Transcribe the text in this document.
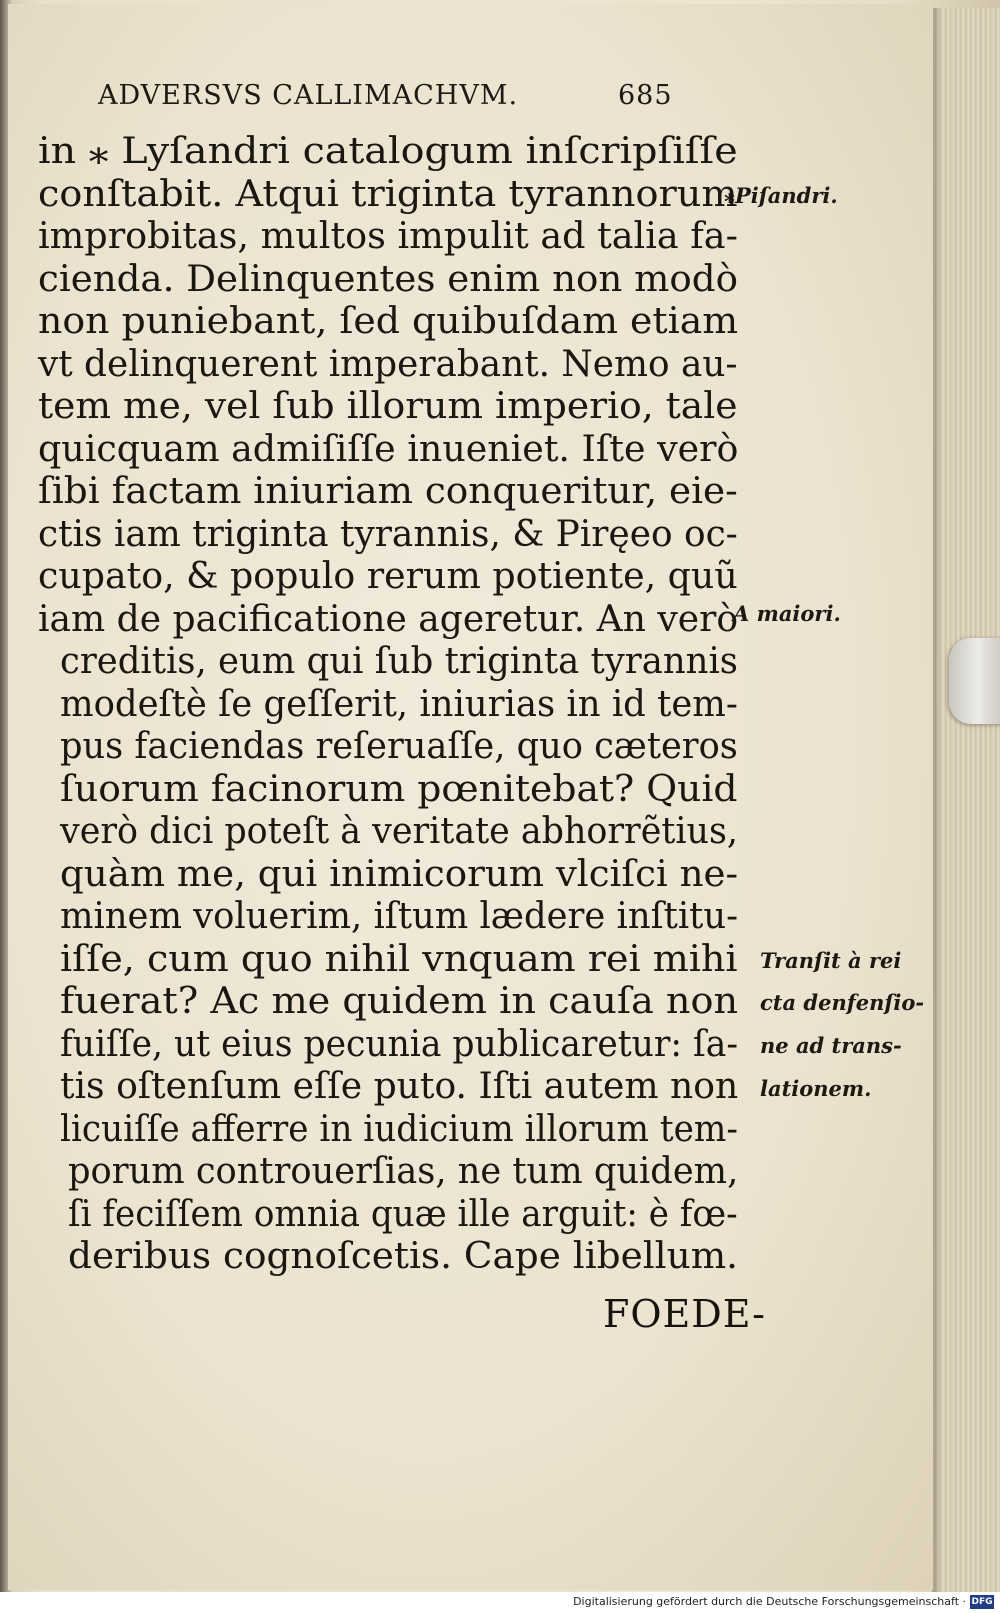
ADVERSVS CALLIMACHVM.	685
in ⁎ Lyſandri catalogum inſcripſiſſe
conſtabit. Atqui triginta tyrannorum
improbitas, multos impulit ad talia fa-
cienda. Delinquentes enim non modò
non puniebant, ſed quibuſdam etiam
vt delinquerent imperabant. Nemo au-
tem me, vel ſub illorum imperio, tale
quicquam admiſiſſe inueniet. Iſte verò
ſibi factam iniuriam conqueritur, eie-
ctis iam triginta tyrannis, & Piręeo oc-
cupato, & populo rerum potiente, quũ
iam de pacificatione ageretur. An verò
creditis, eum qui ſub triginta tyrannis
modeſtè ſe geſſerit, iniurias in id tem-
pus faciendas reſeruaſſe, quo cæteros
ſuorum facinorum pœnitebat? Quid
verò dici poteſt à veritate abhorrẽtius,
quàm me, qui inimicorum vlciſci ne-
minem voluerim, iſtum lædere inſtitu-
iſſe, cum quo nihil vnquam rei mihi
fuerat? Ac me quidem in cauſa non
fuiſſe, ut eius pecunia publicaretur: ſa-
tis oſtenſum eſſe puto. Iſti autem non
licuiſſe afferre in iudicium illorum tem-
porum controuerſias, ne tum quidem,
ſi feciſſem omnia quæ ille arguit: è fœ-
deribus cognoſcetis. Cape libellum.
⁎Piſandri.
A maiori.
Tranſit à rei
cta denfenſio-
ne ad trans-
lationem.
FOEDE-
Digitalisierung gefördert durch die Deutsche Forschungsgemeinschaft · DFG
